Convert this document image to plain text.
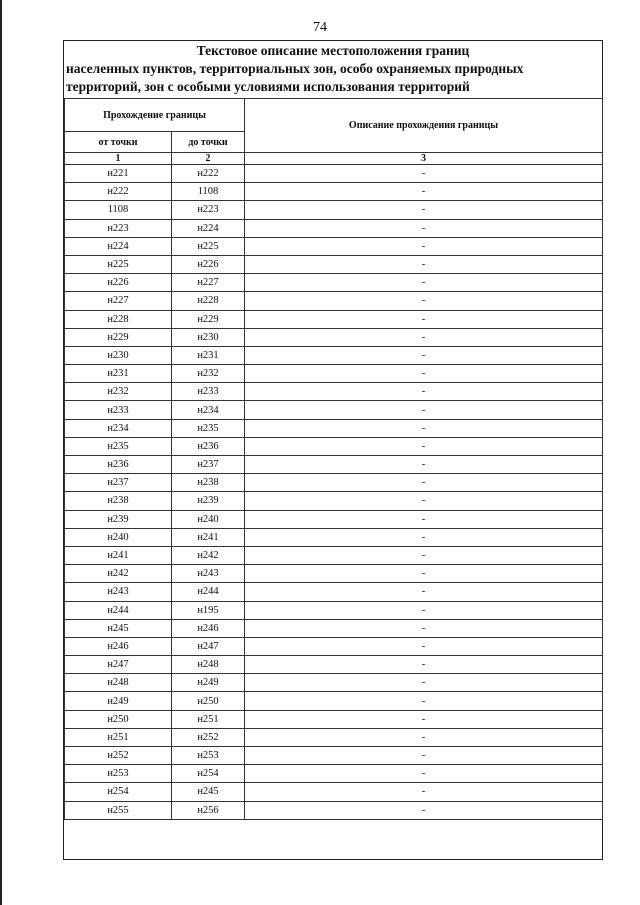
74
Текстовое описание местоположения границ
населенных пунктов, территориальных зон, особо охраняемых природных
территорий, зон с особыми условиями использования территорий
Прохождение границы		Описание прохождения границы
от точки	до точки	
1	2	3
н221	н222	-
н222	1108	-
1108	н223	-
н223	н224	-
н224	н225	-
н225	н226	-
н226	н227	-
н227	н228	-
н228	н229	-
н229	н230	-
н230	н231	-
н231	н232	-
н232	н233	-
н233	н234	-
н234	н235	-
н235	н236	-
н236	н237	-
н237	н238	-
н238	н239	-
н239	н240	-
н240	н241	-
н241	н242	-
н242	н243	-
н243	н244	-
н244	н195	-
н245	н246	-
н246	н247	-
н247	н248	-
н248	н249	-
н249	н250	-
н250	н251	-
н251	н252	-
н252	н253	-
н253	н254	-
н254	н245	-
н255	н256	-
